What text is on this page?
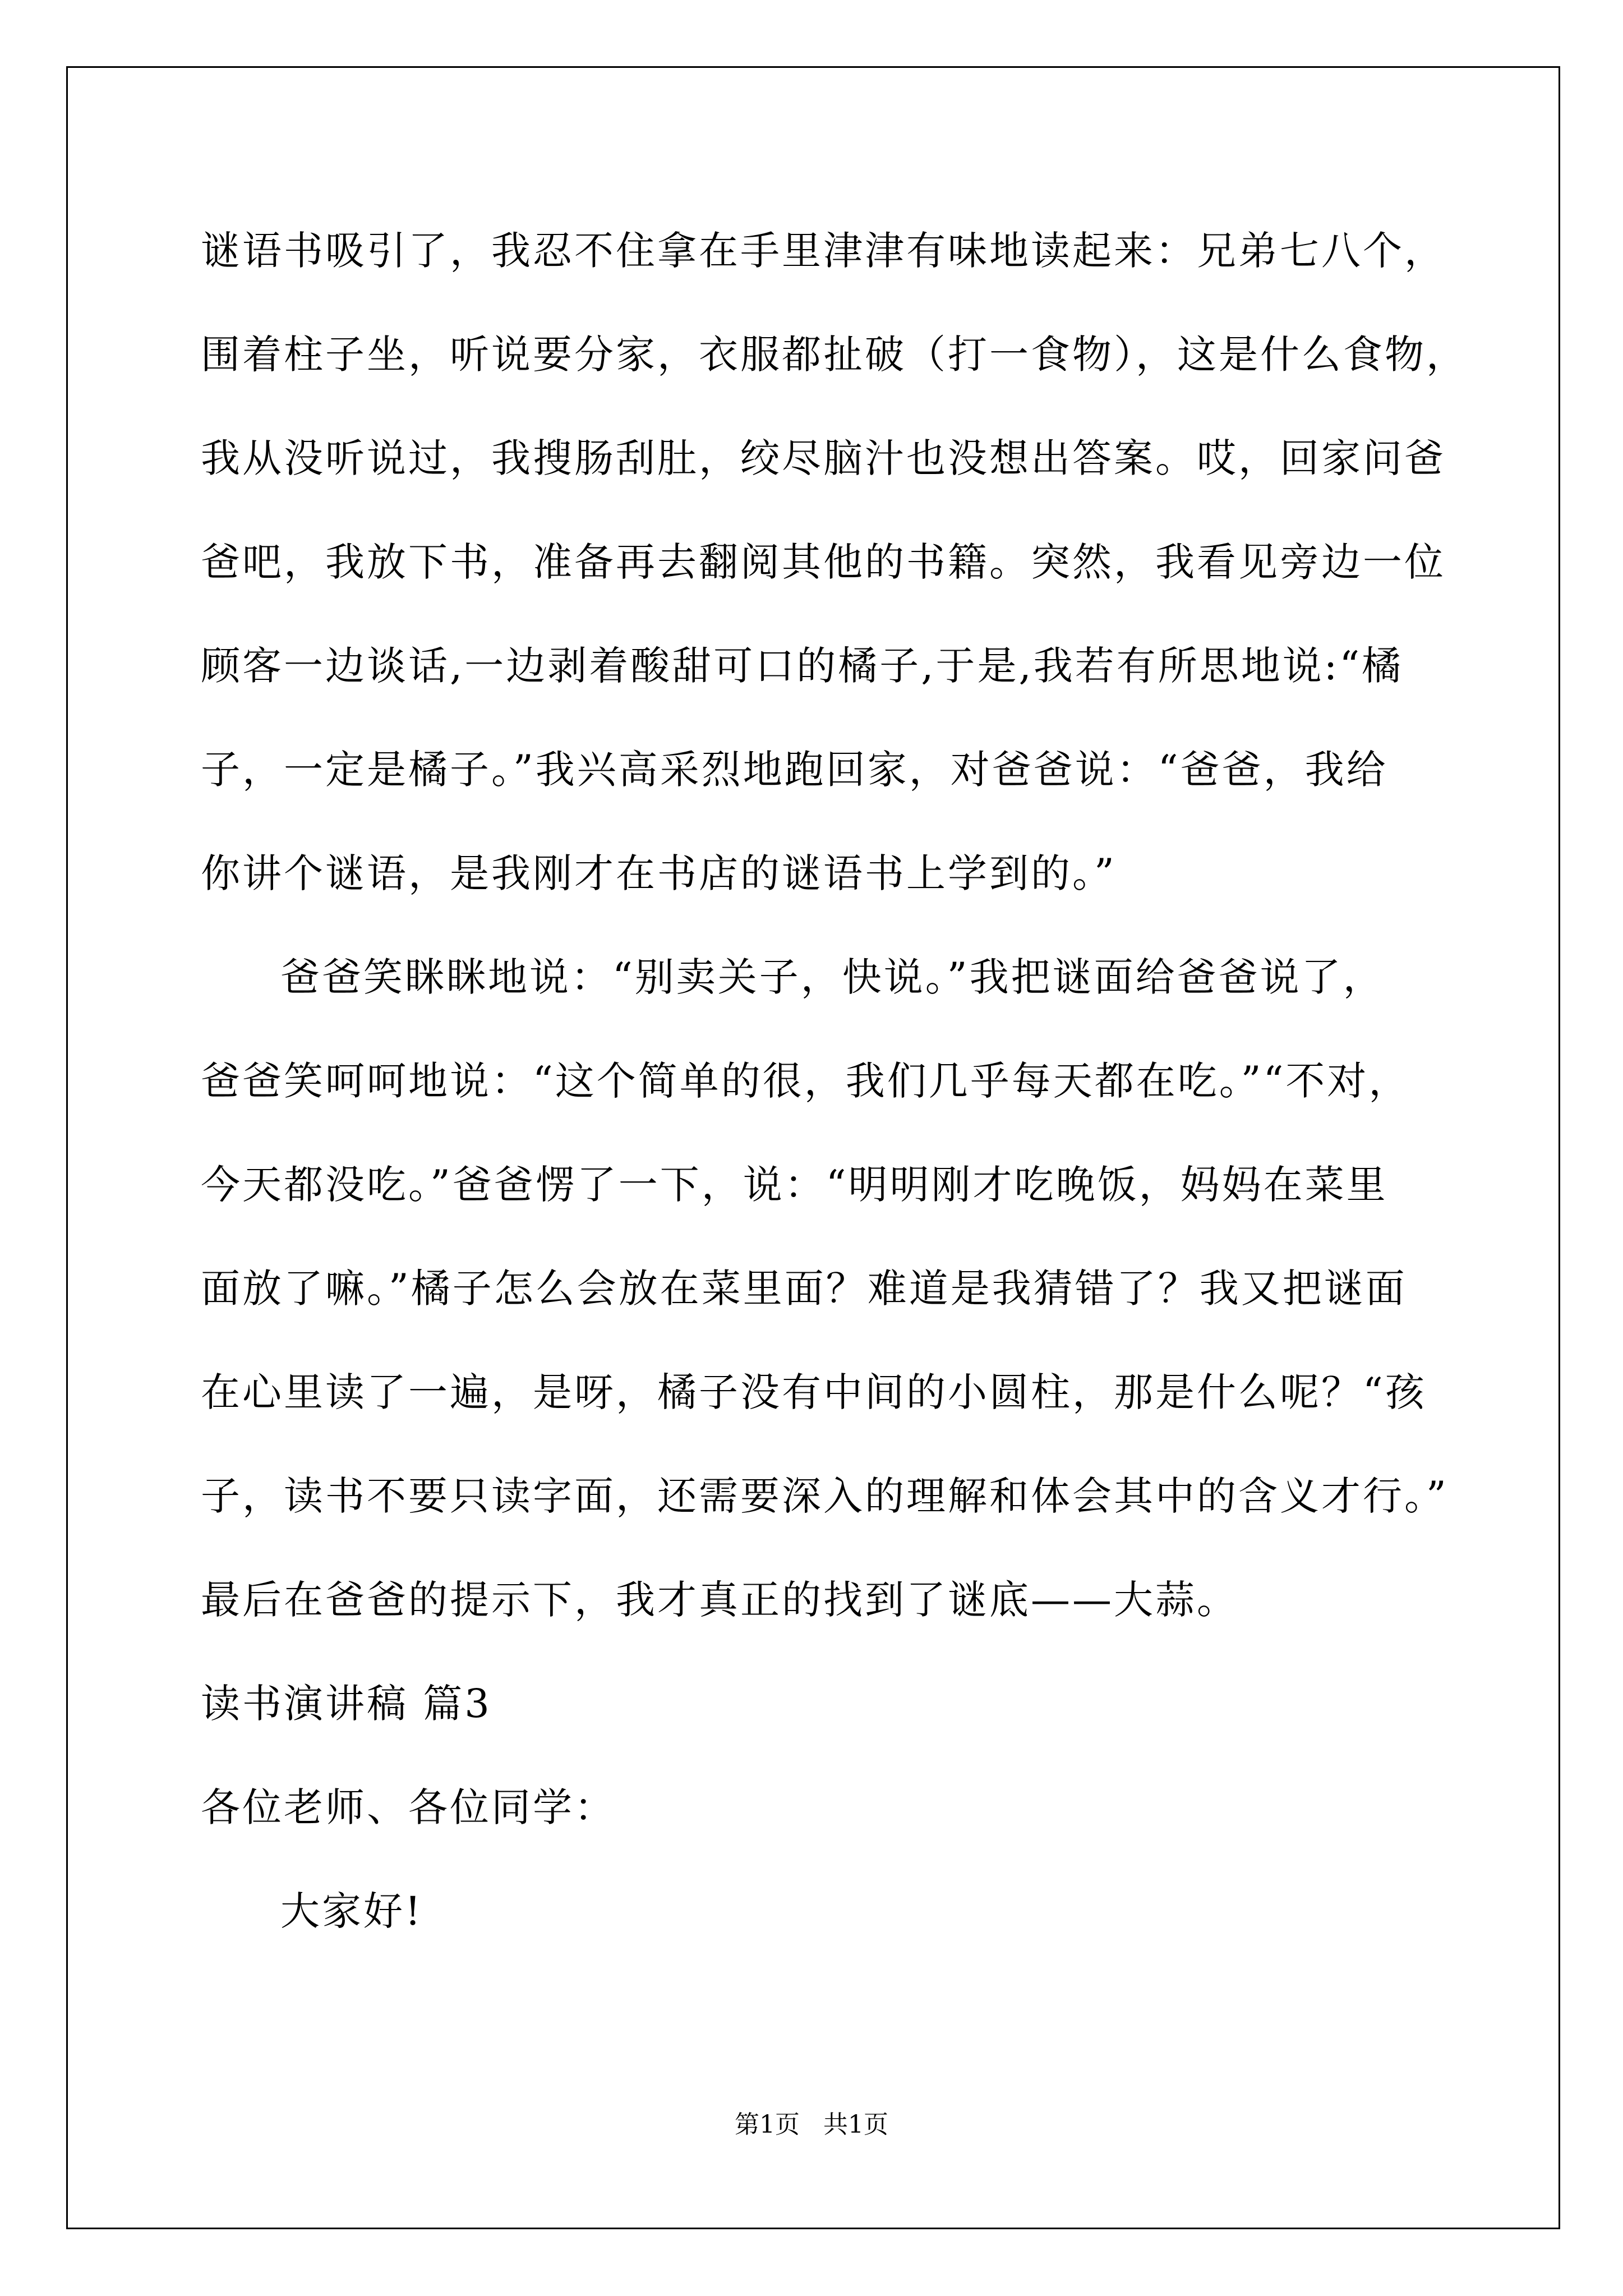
谜语书吸引了，我忍不住拿在手里津津有味地读起来：兄弟七八个，
围着柱子坐，听说要分家，衣服都扯破（打一食物），这是什么食物，
我从没听说过，我搜肠刮肚，绞尽脑汁也没想出答案。哎，回家问爸
爸吧，我放下书，准备再去翻阅其他的书籍。突然，我看见旁边一位
顾客一边谈话,一边剥着酸甜可口的橘子,于是,我若有所思地说:“橘
子，一定是橘子。”我兴高采烈地跑回家，对爸爸说：“爸爸，我给
你讲个谜语，是我刚才在书店的谜语书上学到的。”
爸爸笑眯眯地说：“别卖关子，快说。”我把谜面给爸爸说了，
爸爸笑呵呵地说：“这个简单的很，我们几乎每天都在吃。”“不对，
今天都没吃。”爸爸愣了一下，说：“明明刚才吃晚饭，妈妈在菜里
面放了嘛。”橘子怎么会放在菜里面？难道是我猜错了？我又把谜面
在心里读了一遍，是呀，橘子没有中间的小圆柱，那是什么呢？“孩
子，读书不要只读字面，还需要深入的理解和体会其中的含义才行。”
最后在爸爸的提示下，我才真正的找到了谜底——大蒜。
读书演讲稿 篇3
各位老师、各位同学：
大家好!
第1页   共1页
